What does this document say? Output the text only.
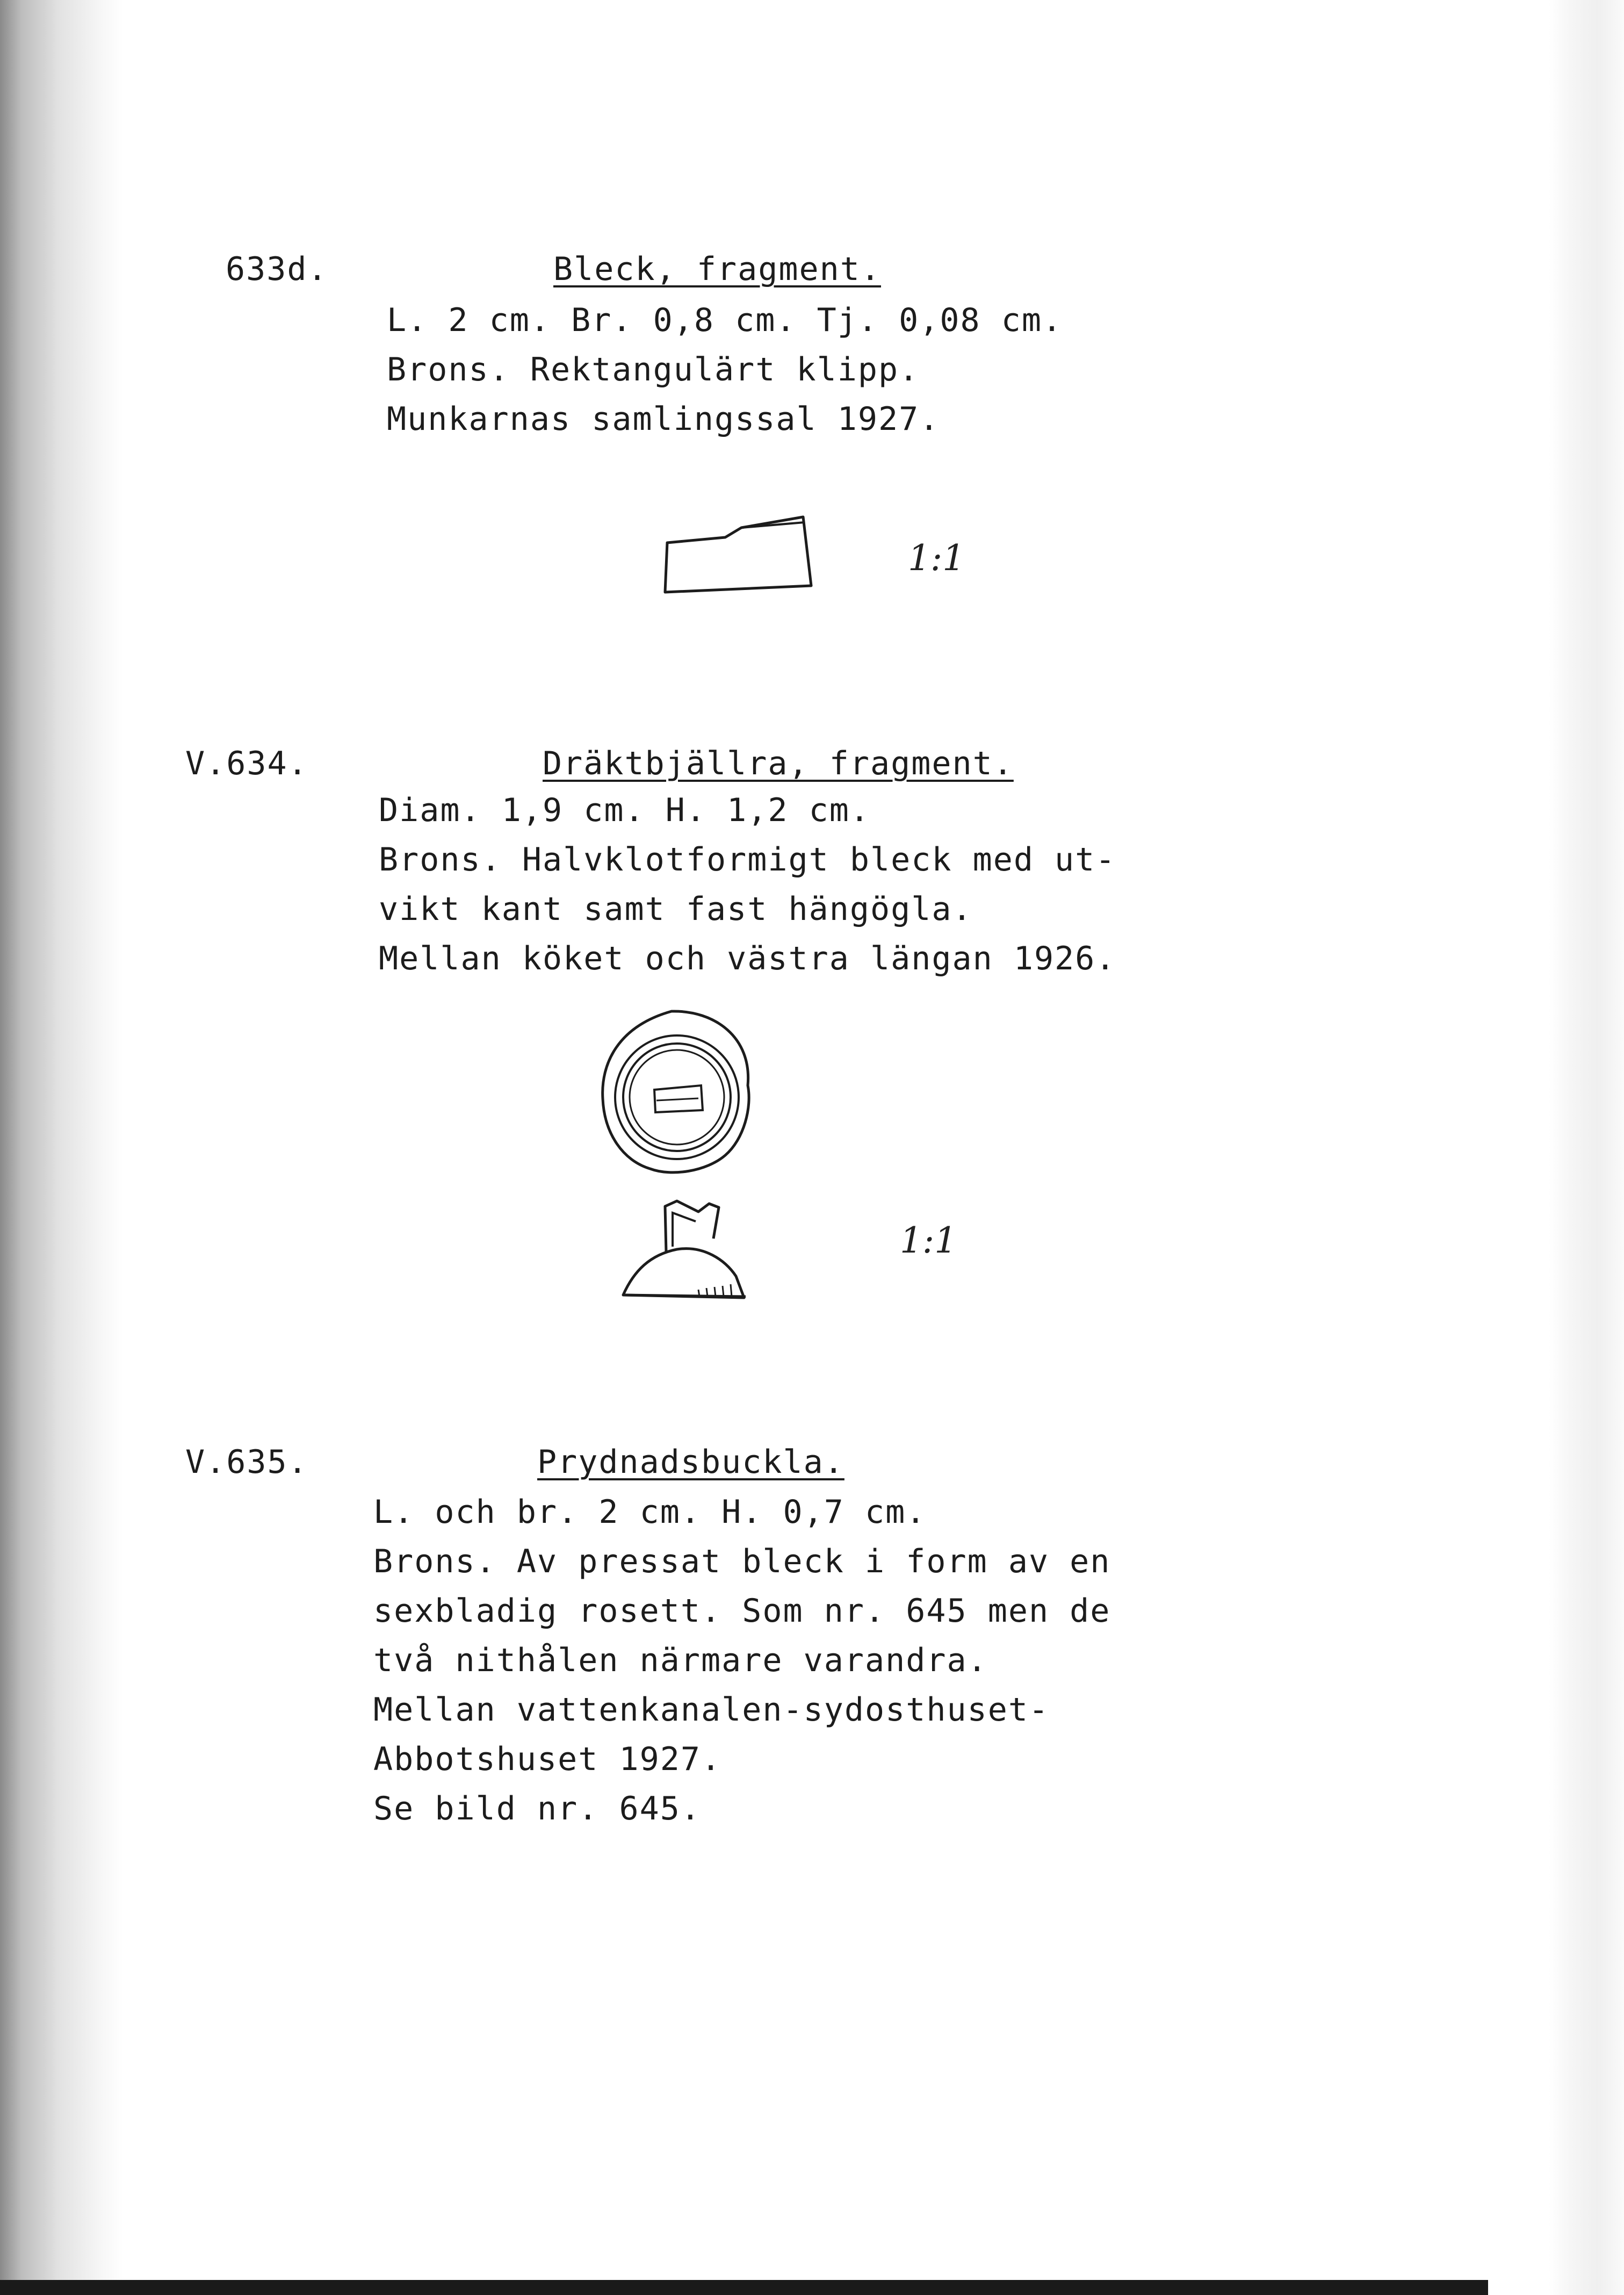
633d.	Bleck, fragment.
L. 2 cm. Br. 0,8 cm. Tj. 0,08 cm.
Brons. Rektangulärt klipp.
Munkarnas samlingssal 1927.
1:1
V.634.	Dräktbjällra, fragment.
Diam. 1,9 cm. H. 1,2 cm.
Brons. Halvklotformigt bleck med ut-
vikt kant samt fast hängögla.
Mellan köket och västra längan 1926.
1:1
V.635.	Prydnadsbuckla.
L. och br. 2 cm. H. 0,7 cm.
Brons. Av pressat bleck i form av en
sexbladig rosett. Som nr. 645 men de
två nithålen närmare varandra.
Mellan vattenkanalen-sydosthuset-
Abbotshuset 1927.
Se bild nr. 645.
